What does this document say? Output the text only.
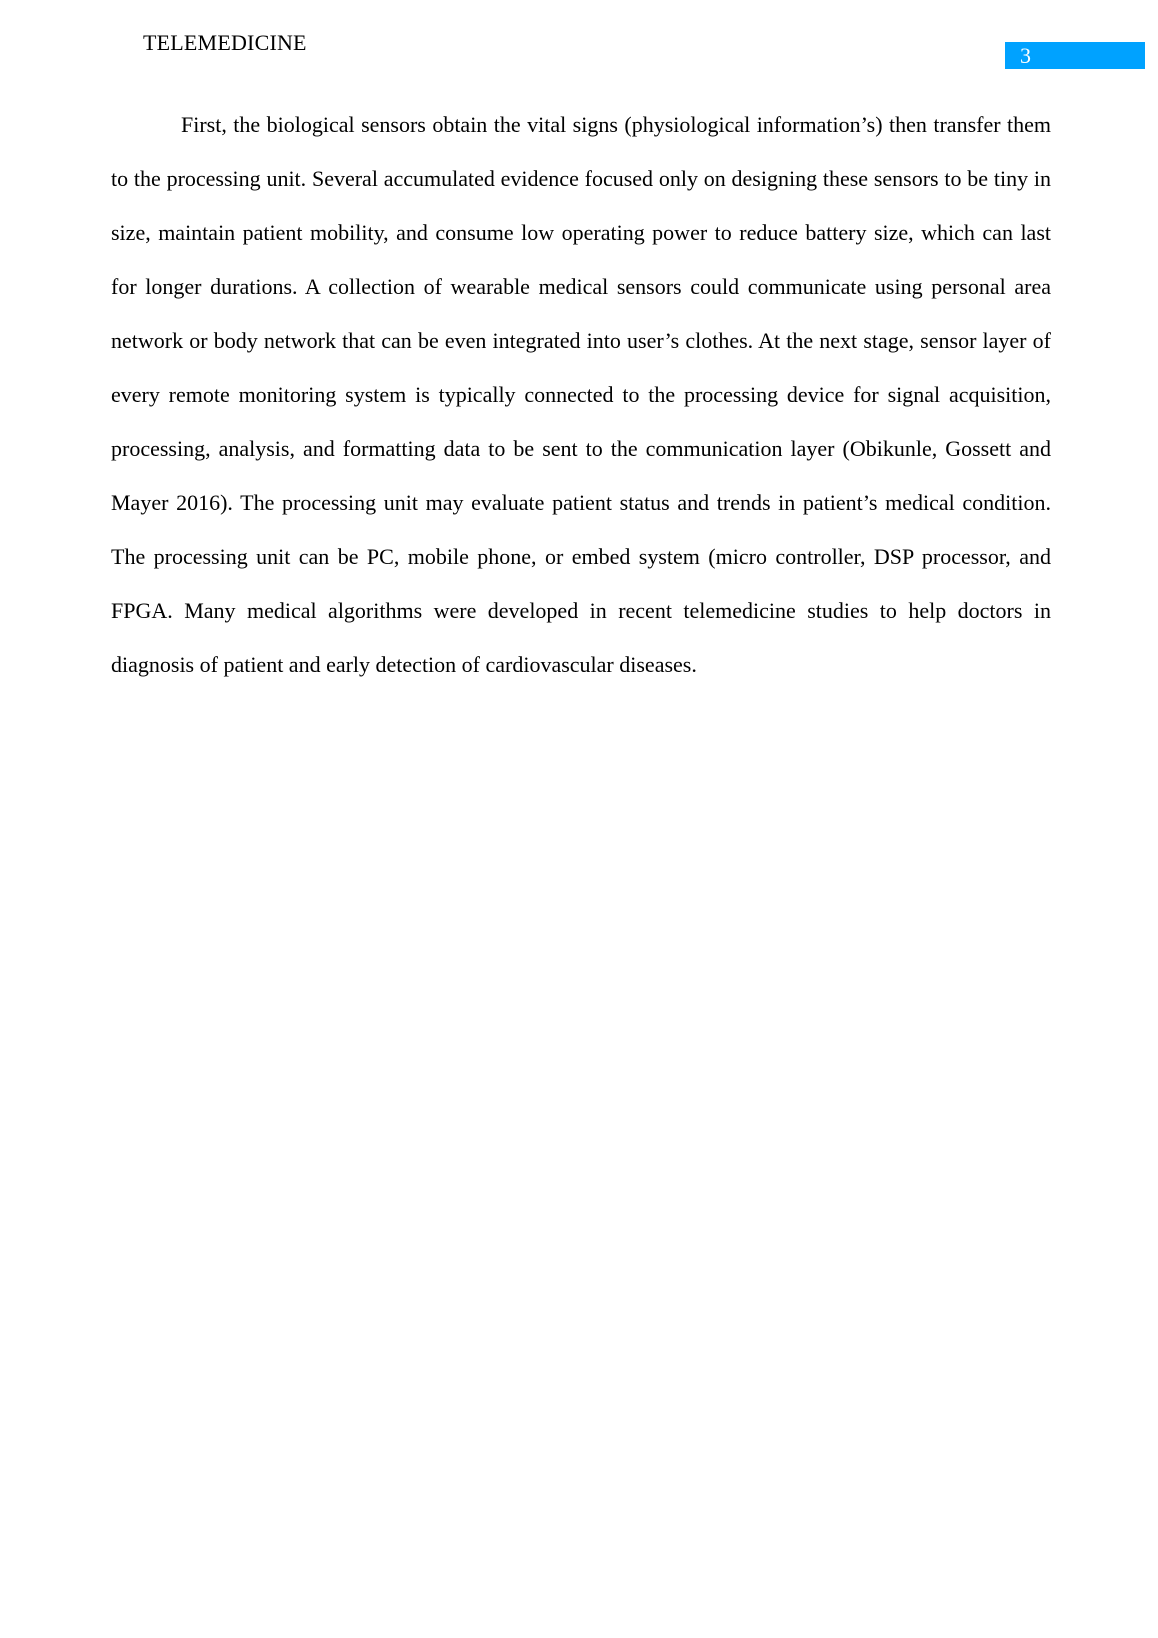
TELEMEDICINE
3

First, the biological sensors obtain the vital signs (physiological information’s) then transfer them to the processing unit. Several accumulated evidence focused only on designing these sensors to be tiny in size, maintain patient mobility, and consume low operating power to reduce battery size, which can last for longer durations. A collection of wearable medical sensors could communicate using personal area network or body network that can be even integrated into user’s clothes. At the next stage, sensor layer of every remote monitoring system is typically connected to the processing device for signal acquisition, processing, analysis, and formatting data to be sent to the communication layer (Obikunle, Gossett and Mayer 2016). The processing unit may evaluate patient status and trends in patient’s medical condition. The processing unit can be PC, mobile phone, or embed system (micro controller, DSP processor, and FPGA. Many medical algorithms were developed in recent telemedicine studies to help doctors in diagnosis of patient and early detection of cardiovascular diseases.
